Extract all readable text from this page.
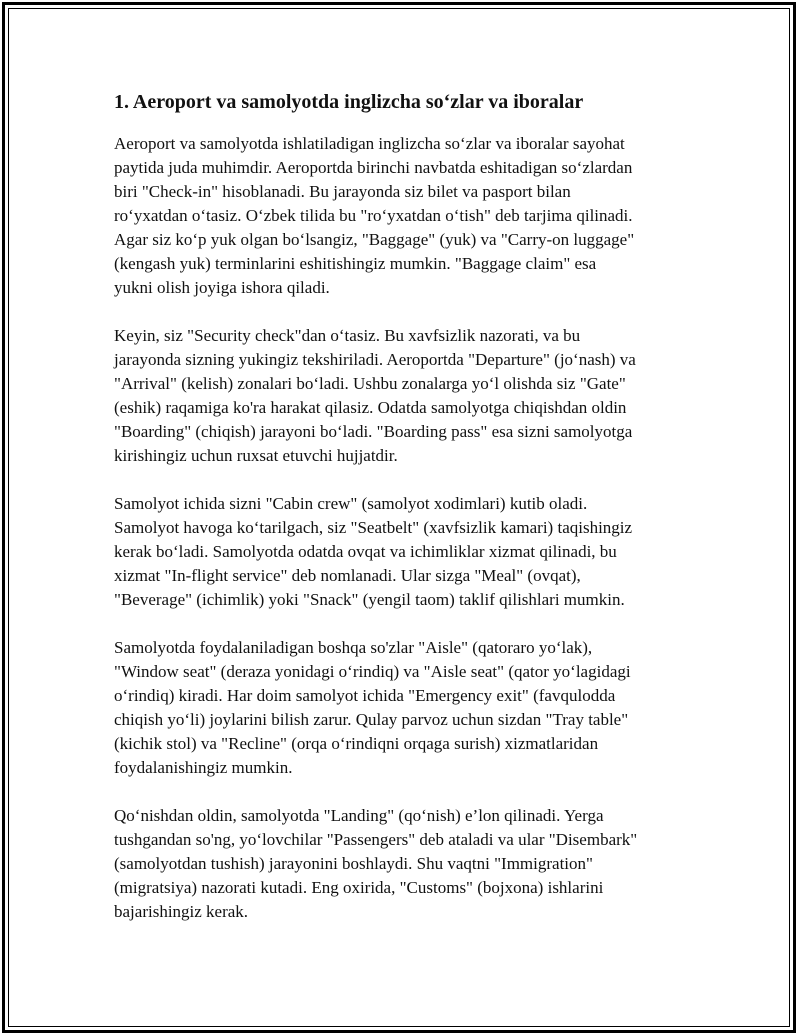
1. Aeroport va samolyotda inglizcha so‘zlar va iboralar

Aeroport va samolyotda ishlatiladigan inglizcha so‘zlar va iboralar sayohat
paytida juda muhimdir. Aeroportda birinchi navbatda eshitadigan so‘zlardan
biri "Check-in" hisoblanadi. Bu jarayonda siz bilet va pasport bilan
ro‘yxatdan o‘tasiz. O‘zbek tilida bu "ro‘yxatdan o‘tish" deb tarjima qilinadi.
Agar siz ko‘p yuk olgan bo‘lsangiz, "Baggage" (yuk) va "Carry-on luggage"
(kengash yuk) terminlarini eshitishingiz mumkin. "Baggage claim" esa
yukni olish joyiga ishora qiladi.

Keyin, siz "Security check"dan o‘tasiz. Bu xavfsizlik nazorati, va bu
jarayonda sizning yukingiz tekshiriladi. Aeroportda "Departure" (jo‘nash) va
"Arrival" (kelish) zonalari bo‘ladi. Ushbu zonalarga yo‘l olishda siz "Gate"
(eshik) raqamiga ko'ra harakat qilasiz. Odatda samolyotga chiqishdan oldin
"Boarding" (chiqish) jarayoni bo‘ladi. "Boarding pass" esa sizni samolyotga
kirishingiz uchun ruxsat etuvchi hujjatdir.

Samolyot ichida sizni "Cabin crew" (samolyot xodimlari) kutib oladi.
Samolyot havoga ko‘tarilgach, siz "Seatbelt" (xavfsizlik kamari) taqishingiz
kerak bo‘ladi. Samolyotda odatda ovqat va ichimliklar xizmat qilinadi, bu
xizmat "In-flight service" deb nomlanadi. Ular sizga "Meal" (ovqat),
"Beverage" (ichimlik) yoki "Snack" (yengil taom) taklif qilishlari mumkin.

Samolyotda foydalaniladigan boshqa so'zlar "Aisle" (qatoraro yo‘lak),
"Window seat" (deraza yonidagi o‘rindiq) va "Aisle seat" (qator yo‘lagidagi
o‘rindiq) kiradi. Har doim samolyot ichida "Emergency exit" (favqulodda
chiqish yo‘li) joylarini bilish zarur. Qulay parvoz uchun sizdan "Tray table"
(kichik stol) va "Recline" (orqa o‘rindiqni orqaga surish) xizmatlaridan
foydalanishingiz mumkin.

Qo‘nishdan oldin, samolyotda "Landing" (qo‘nish) e’lon qilinadi. Yerga
tushgandan so'ng, yo‘lovchilar "Passengers" deb ataladi va ular "Disembark"
(samolyotdan tushish) jarayonini boshlaydi. Shu vaqtni "Immigration"
(migratsiya) nazorati kutadi. Eng oxirida, "Customs" (bojxona) ishlarini
bajarishingiz kerak.
